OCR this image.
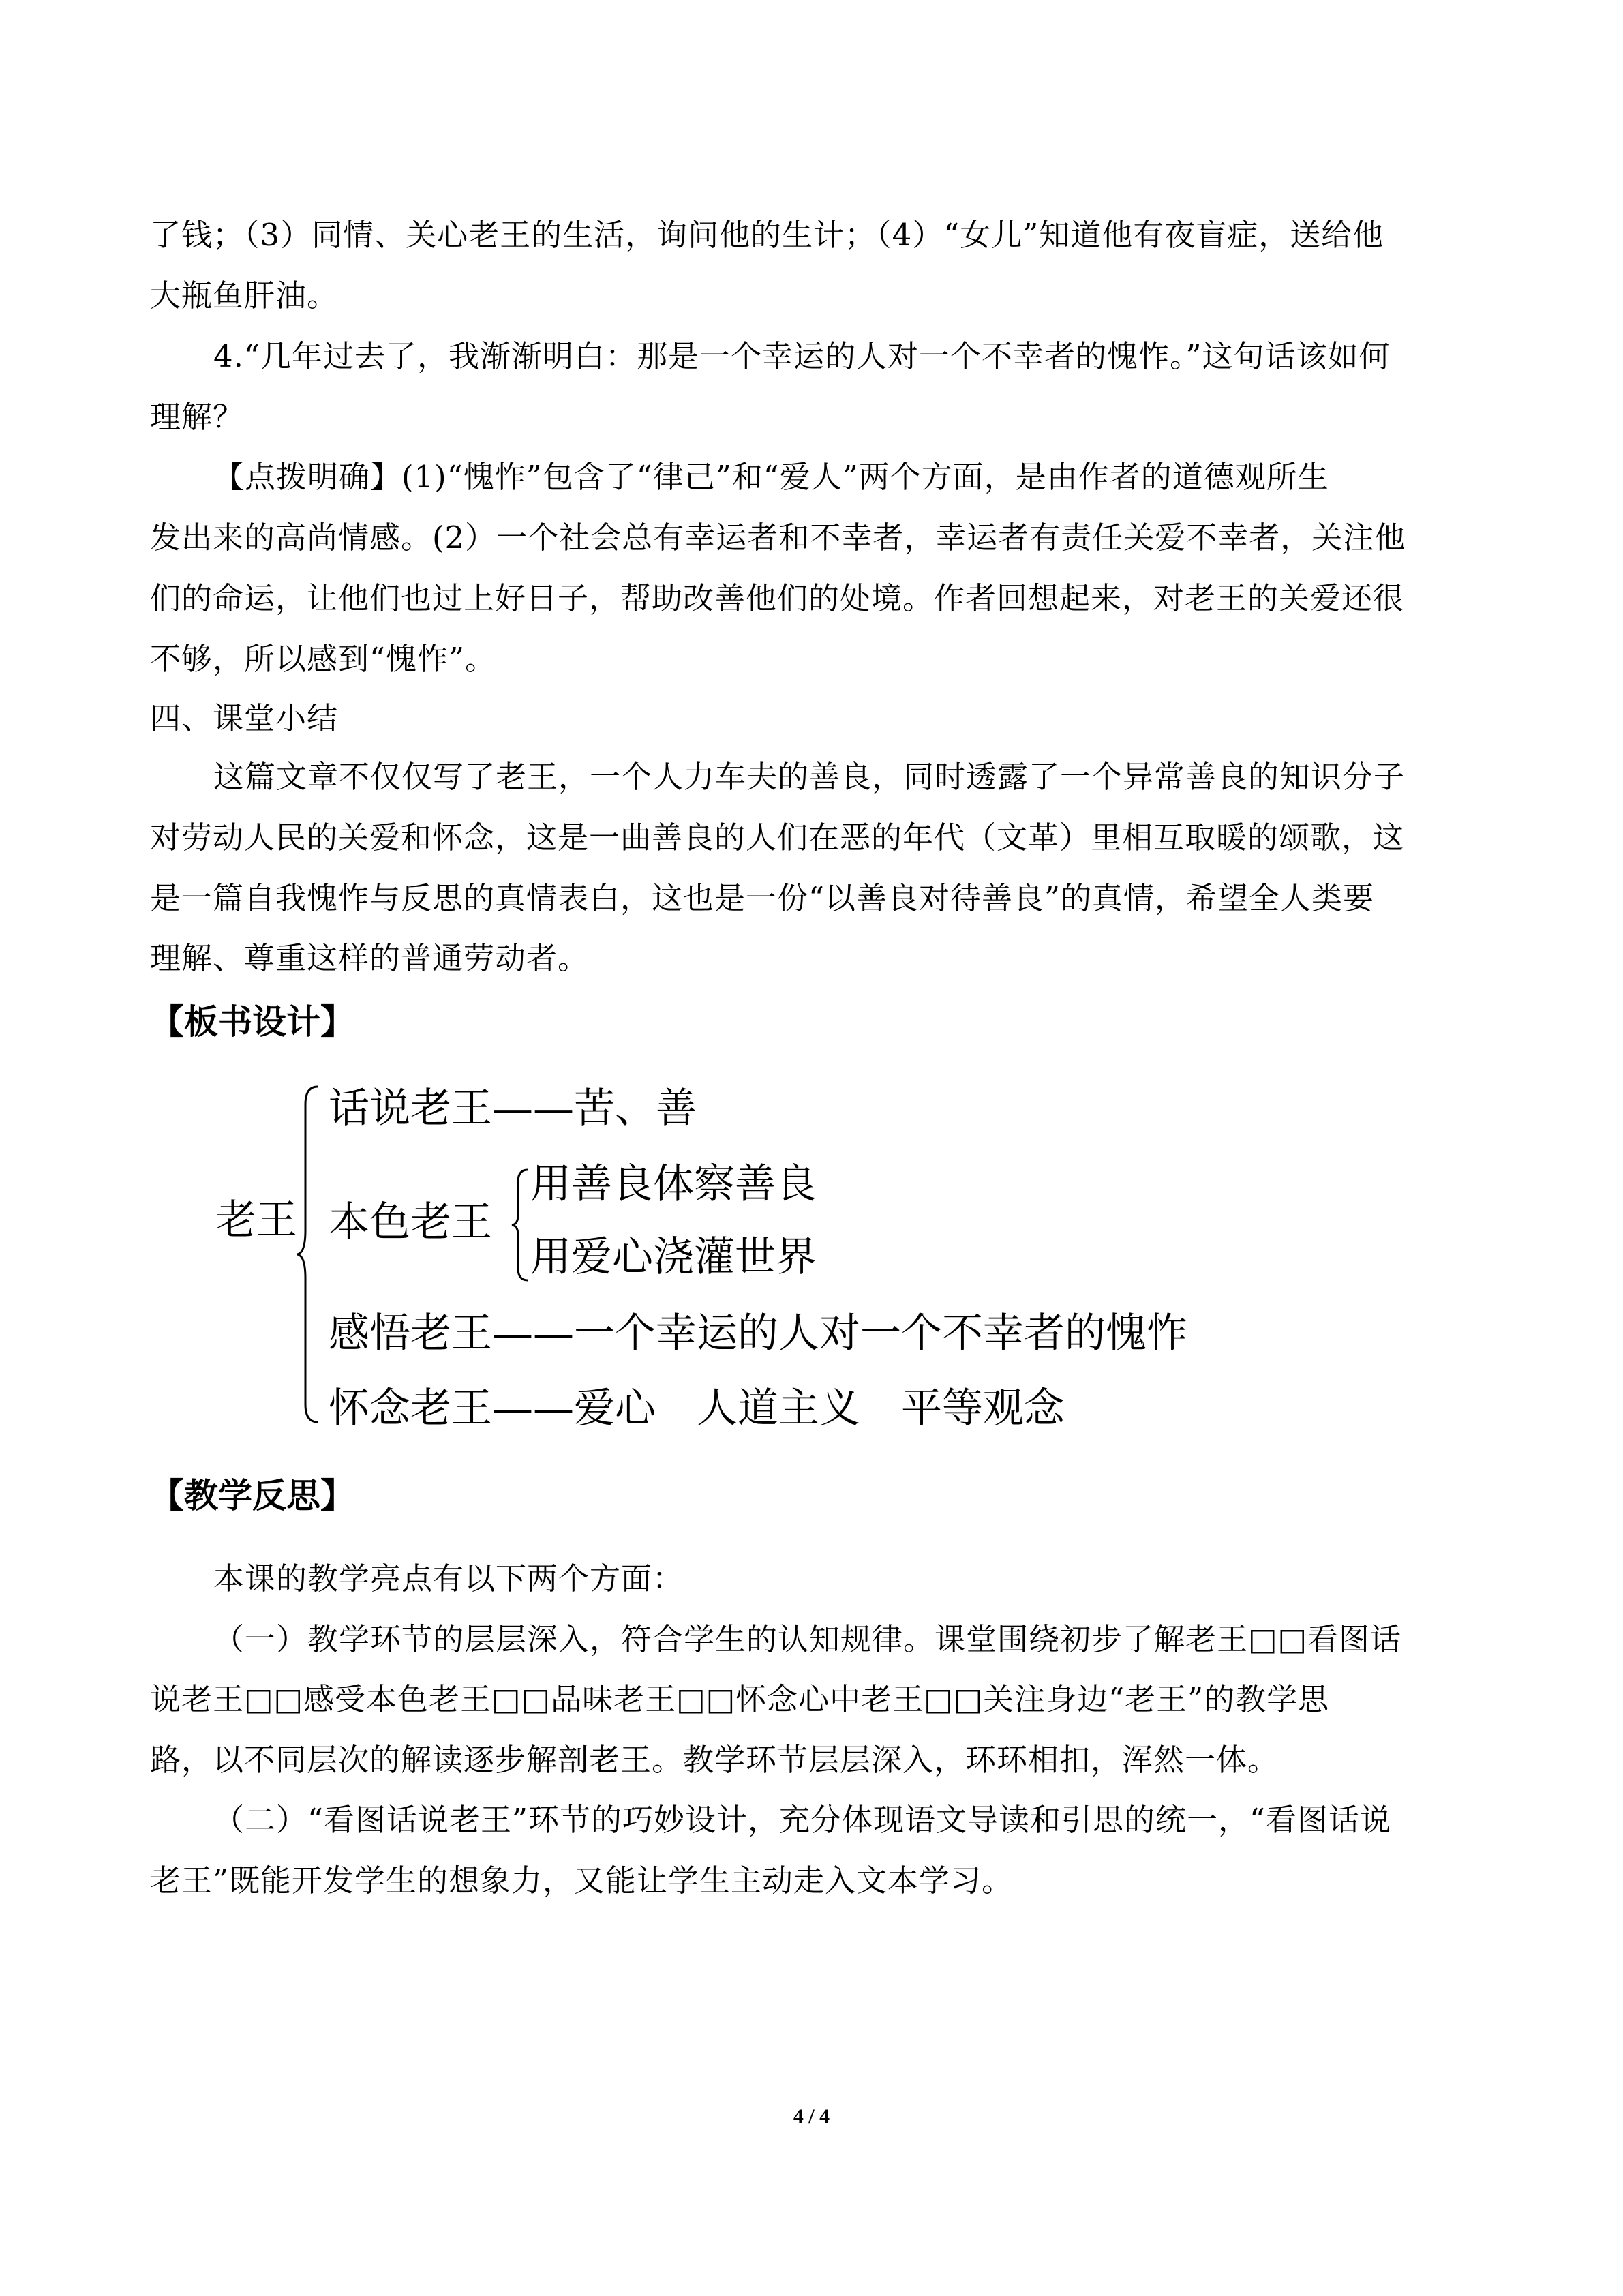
了钱；（3）同情、关心老王的生活，询问他的生计；（4）“女儿”知道他有夜盲症，送给他
大瓶鱼肝油。
4.“几年过去了，我渐渐明白：那是一个幸运的人对一个不幸者的愧怍。”这句话该如何
理解？
【点拨明确】(1)“愧怍”包含了“律己”和“爱人”两个方面，是由作者的道德观所生
发出来的高尚情感。(2）一个社会总有幸运者和不幸者，幸运者有责任关爱不幸者，关注他
们的命运，让他们也过上好日子，帮助改善他们的处境。作者回想起来，对老王的关爱还很
不够，所以感到“愧怍”。
四、课堂小结
这篇文章不仅仅写了老王，一个人力车夫的善良，同时透露了一个异常善良的知识分子
对劳动人民的关爱和怀念，这是一曲善良的人们在恶的年代（文革）里相互取暖的颂歌，这
是一篇自我愧怍与反思的真情表白，这也是一份“以善良对待善良”的真情，希望全人类要
理解、尊重这样的普通劳动者。
【板书设计】
老王
话说老王——苦、善
本色老王
用善良体察善良
用爱心浇灌世界
感悟老王——一个幸运的人对一个不幸者的愧怍
怀念老王——爱心　人道主义　平等观念
【教学反思】
本课的教学亮点有以下两个方面：
（一）教学环节的层层深入，符合学生的认知规律。课堂围绕初步了解老王□□看图话
说老王□□感受本色老王□□品味老王□□怀念心中老王□□关注身边“老王”的教学思
路，以不同层次的解读逐步解剖老王。教学环节层层深入，环环相扣，浑然一体。
（二）“看图话说老王”环节的巧妙设计，充分体现语文导读和引思的统一，“看图话说
老王”既能开发学生的想象力，又能让学生主动走入文本学习。
4 / 4
